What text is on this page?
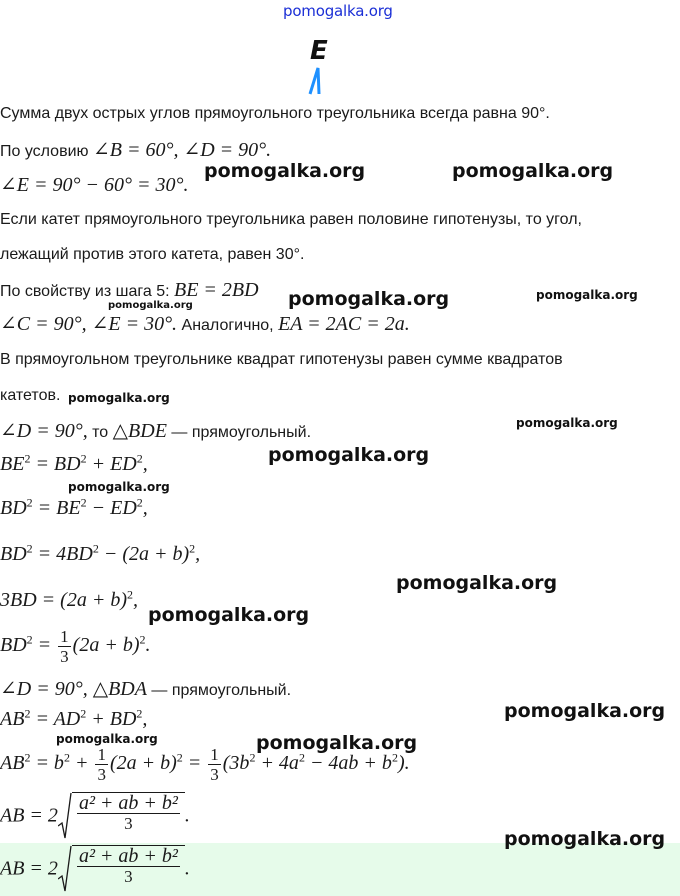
pomogalka.org
E
Сумма двух острых углов прямоугольного треугольника всегда равна 90°.
По условию ∠B = 60°, ∠D = 90°.
∠E = 90° − 60° = 30°.
Если катет прямоугольного треугольника равен половине гипотенузы, то угол,
лежащий против этого катета, равен 30°.
По свойству из шага 5: BE = 2BD
∠C = 90°, ∠E = 30°. Аналогично, EA = 2AC = 2a.
В прямоугольном треугольнике квадрат гипотенузы равен сумме квадратов
катетов.
∠D = 90°, то △BDE — прямоугольный.
$BE^2 = BD^2 + ED^2$,
$BD^2 = BE^2 - ED^2$,
$BD^2 = 4BD^2 - (2a + b)^2$,
$3BD = (2a + b)^2$,
$BD^2 = \frac{1}{3} (2a + b)^2$.
∠D = 90°, △BDA — прямоугольный.
$AB^2 = AD^2 + BD^2$,
$AB^2 = b^2 + \frac{1}{3} (2a + b)^2 = \frac{1}{3} (3b^2 + 4a^2 - 4ab + b^2)$.
AB = $2 \frac{\text{a² + ab + b²}}{3}$ .
AB = $2 \frac{\text{a² + ab + b²}}{3}$ .
pomogalka.org	pomogalka.org
pomogalka.org	pomogalka.org
pomogalka.org
pomogalka.org
pomogalka.org
pomogalka.org
pomogalka.org
pomogalka.org
pomogalka.org
pomogalka.org
pomogalka.org	pomogalka.org
pomogalka.org
